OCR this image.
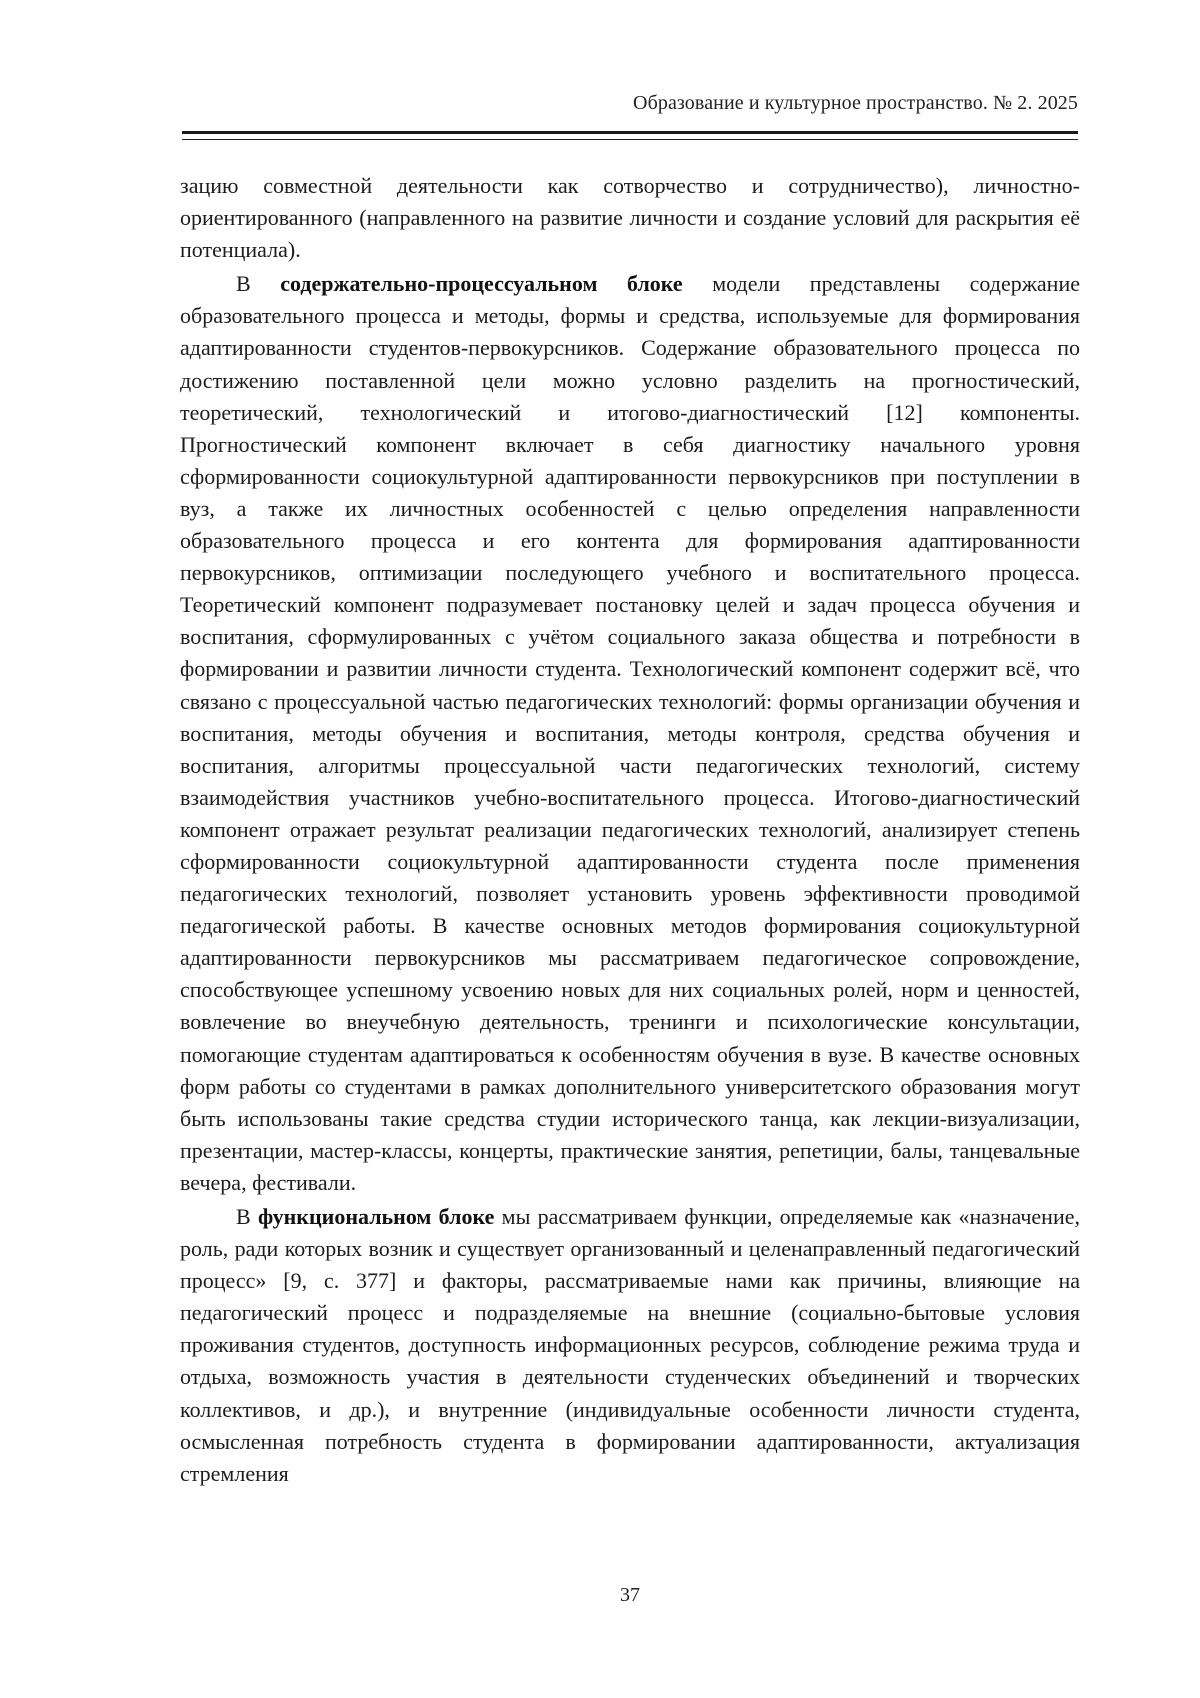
Образование и культурное пространство. № 2. 2025

зацию совместной деятельности как сотворчество и сотрудничество), личностно-ориентированного (направленного на развитие личности и создание условий для раскрытия её потенциала).

В содержательно-процессуальном блоке модели представлены содержание образовательного процесса и методы, формы и средства, используемые для формирования адаптированности студентов-первокурсников. Содержание образовательного процесса по достижению поставленной цели можно условно разделить на прогностический, теоретический, технологический и итогово-диагностический [12] компоненты. Прогностический компонент включает в себя диагностику начального уровня сформированности социокультурной адаптированности первокурсников при поступлении в вуз, а также их личностных особенностей с целью определения направленности образовательного процесса и его контента для формирования адаптированности первокурсников, оптимизации последующего учебного и воспитательного процесса. Теоретический компонент подразумевает постановку целей и задач процесса обучения и воспитания, сформулированных с учётом социального заказа общества и потребности в формировании и развитии личности студента. Технологический компонент содержит всё, что связано с процессуальной частью педагогических технологий: формы организации обучения и воспитания, методы обучения и воспитания, методы контроля, средства обучения и воспитания, алгоритмы процессуальной части педагогических технологий, систему взаимодействия участников учебно-воспитательного процесса. Итогово-диагностический компонент отражает результат реализации педагогических технологий, анализирует степень сформированности социокультурной адаптированности студента после применения педагогических технологий, позволяет установить уровень эффективности проводимой педагогической работы. В качестве основных методов формирования социокультурной адаптированности первокурсников мы рассматриваем педагогическое сопровождение, способствующее успешному усвоению новых для них социальных ролей, норм и ценностей, вовлечение во внеучебную деятельность, тренинги и психологические консультации, помогающие студентам адаптироваться к особенностям обучения в вузе. В качестве основных форм работы со студентами в рамках дополнительного университетского образования могут быть использованы такие средства студии исторического танца, как лекции-визуализации, презентации, мастер-классы, концерты, практические занятия, репетиции, балы, танцевальные вечера, фестивали.

В функциональном блоке мы рассматриваем функции, определяемые как «назначение, роль, ради которых возник и существует организованный и целенаправленный педагогический процесс» [9, с. 377] и факторы, рассматриваемые нами как причины, влияющие на педагогический процесс и подразделяемые на внешние (социально-бытовые условия проживания студентов, доступность информационных ресурсов, соблюдение режима труда и отдыха, возможность участия в деятельности студенческих объединений и творческих коллективов, и др.), и внутренние (индивидуальные особенности личности студента, осмысленная потребность студента в формировании адаптированности, актуализация стремления

37
